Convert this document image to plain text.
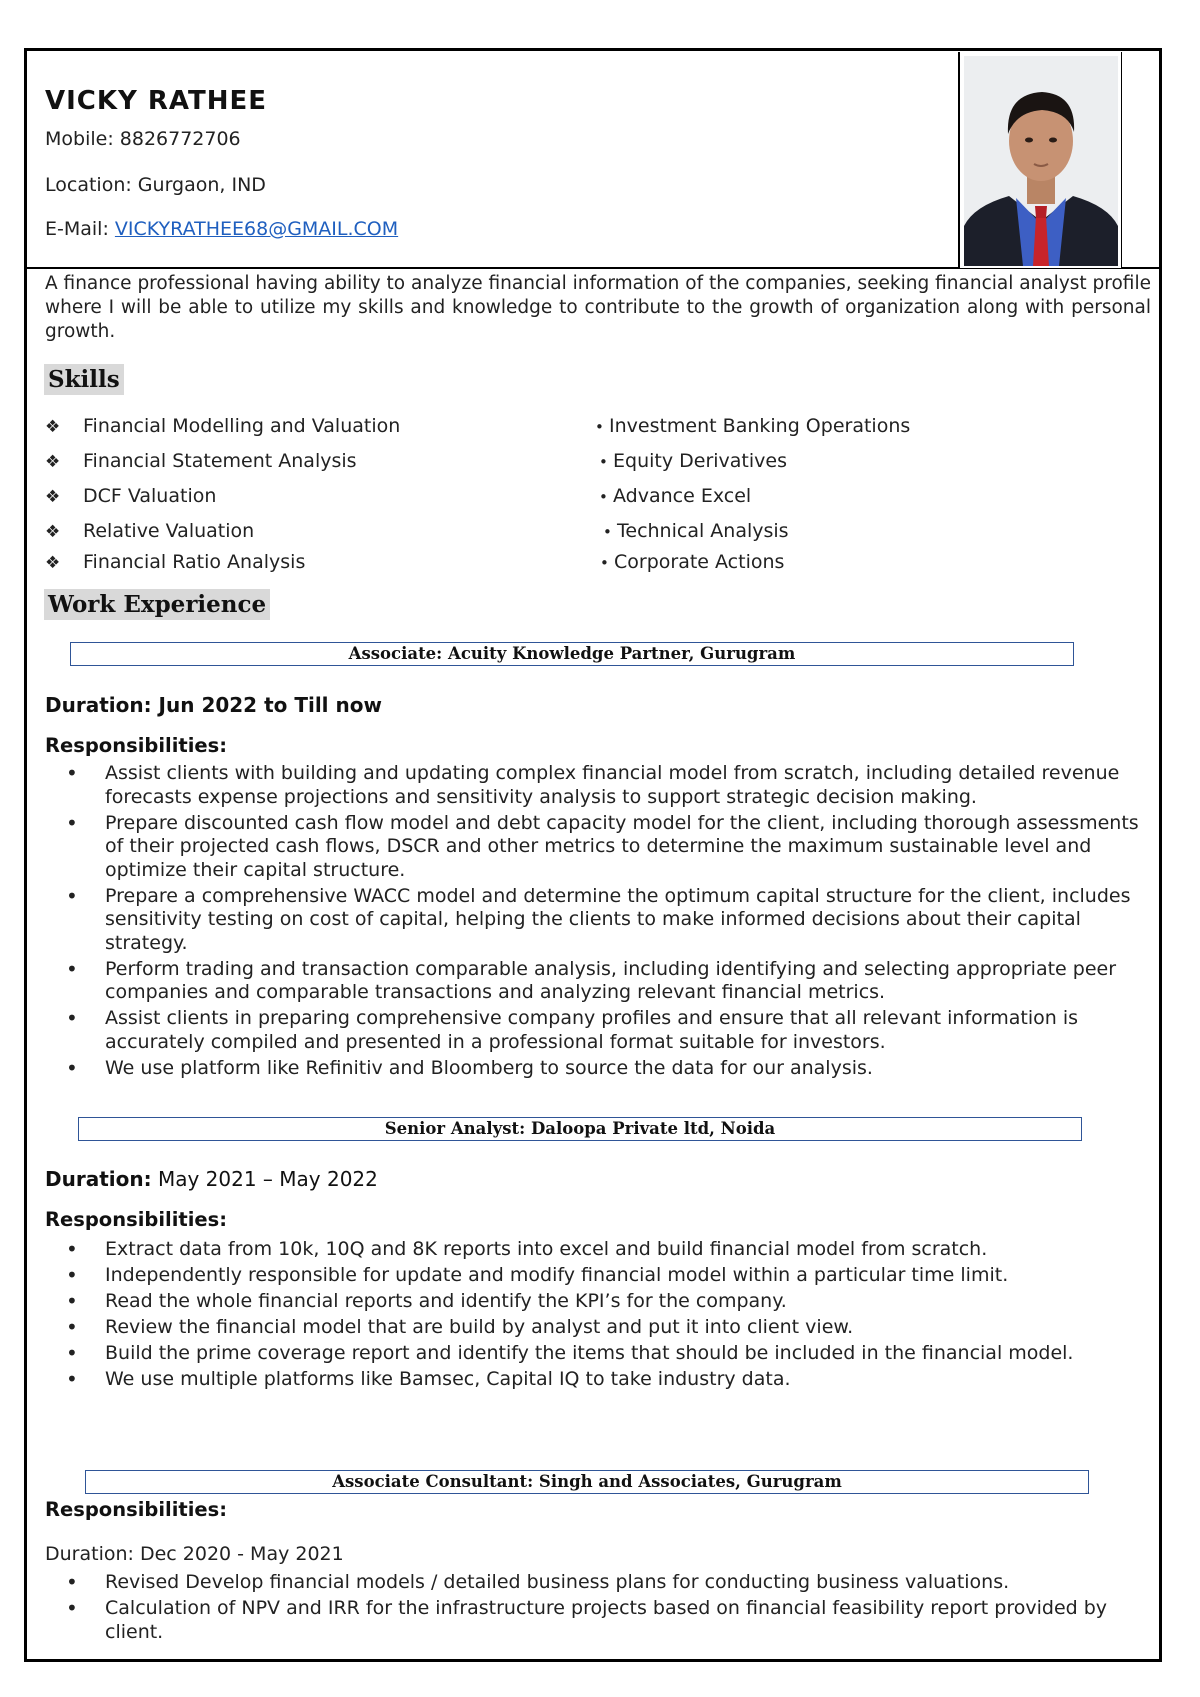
VICKY RATHEE

Mobile: 8826772706

Location: Gurgaon, IND

E-Mail: VICKYRATHEE68@GMAIL.COM

A finance professional having ability to analyze financial information of the companies, seeking financial analyst profile where I will be able to utilize my skills and knowledge to contribute to the growth of organization along with personal growth.

Skills
❖ Financial Modelling and Valuation
❖ Financial Statement Analysis
❖ DCF Valuation
❖ Relative Valuation
❖ Financial Ratio Analysis
• Investment Banking Operations
• Equity Derivatives
• Advance Excel
• Technical Analysis
• Corporate Actions
Work Experience
Associate: Acuity Knowledge Partner, Gurugram

Duration: Jun 2022 to Till now

Responsibilities:

• Assist clients with building and updating complex financial model from scratch, including detailed revenue forecasts expense projections and sensitivity analysis to support strategic decision making.
• Prepare discounted cash flow model and debt capacity model for the client, including thorough assessments of their projected cash flows, DSCR and other metrics to determine the maximum sustainable level and optimize their capital structure.
• Prepare a comprehensive WACC model and determine the optimum capital structure for the client, includes sensitivity testing on cost of capital, helping the clients to make informed decisions about their capital strategy.
• Perform trading and transaction comparable analysis, including identifying and selecting appropriate peer companies and comparable transactions and analyzing relevant financial metrics.
• Assist clients in preparing comprehensive company profiles and ensure that all relevant information is accurately compiled and presented in a professional format suitable for investors.
• We use platform like Refinitiv and Bloomberg to source the data for our analysis.
Senior Analyst: Daloopa Private ltd, Noida

Duration: May 2021 – May 2022

Responsibilities:

• Extract data from 10k, 10Q and 8K reports into excel and build financial model from scratch.
• Independently responsible for update and modify financial model within a particular time limit.
• Read the whole financial reports and identify the KPI’s for the company.
• Review the financial model that are build by analyst and put it into client view.
• Build the prime coverage report and identify the items that should be included in the financial model.
• We use multiple platforms like Bamsec, Capital IQ to take industry data.
Associate Consultant: Singh and Associates, Gurugram

Responsibilities:

Duration: Dec 2020 - May 2021

• Revised Develop financial models / detailed business plans for conducting business valuations.
• Calculation of NPV and IRR for the infrastructure projects based on financial feasibility report provided by client.
